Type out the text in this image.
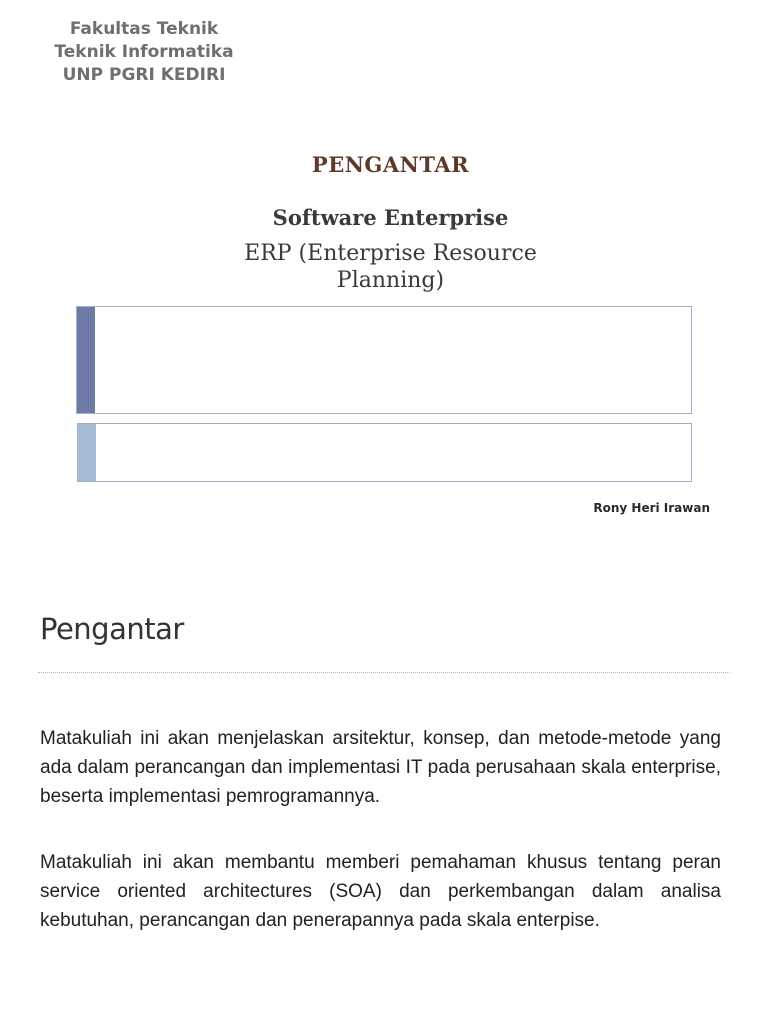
Fakultas Teknik
Teknik Informatika
UNP PGRI KEDIRI
PENGANTAR
Software Enterprise
ERP (Enterprise Resource
Planning)
Rony Heri Irawan
Pengantar
Matakuliah ini akan menjelaskan arsitektur, konsep, dan metode-metode yang ada dalam perancangan dan implementasi IT pada perusahaan skala enterprise, beserta implementasi pemrogramannya.
Matakuliah ini akan membantu memberi pemahaman khusus tentang peran service oriented architectures (SOA) dan perkembangan dalam analisa kebutuhan, perancangan dan penerapannya pada skala enterpise.
